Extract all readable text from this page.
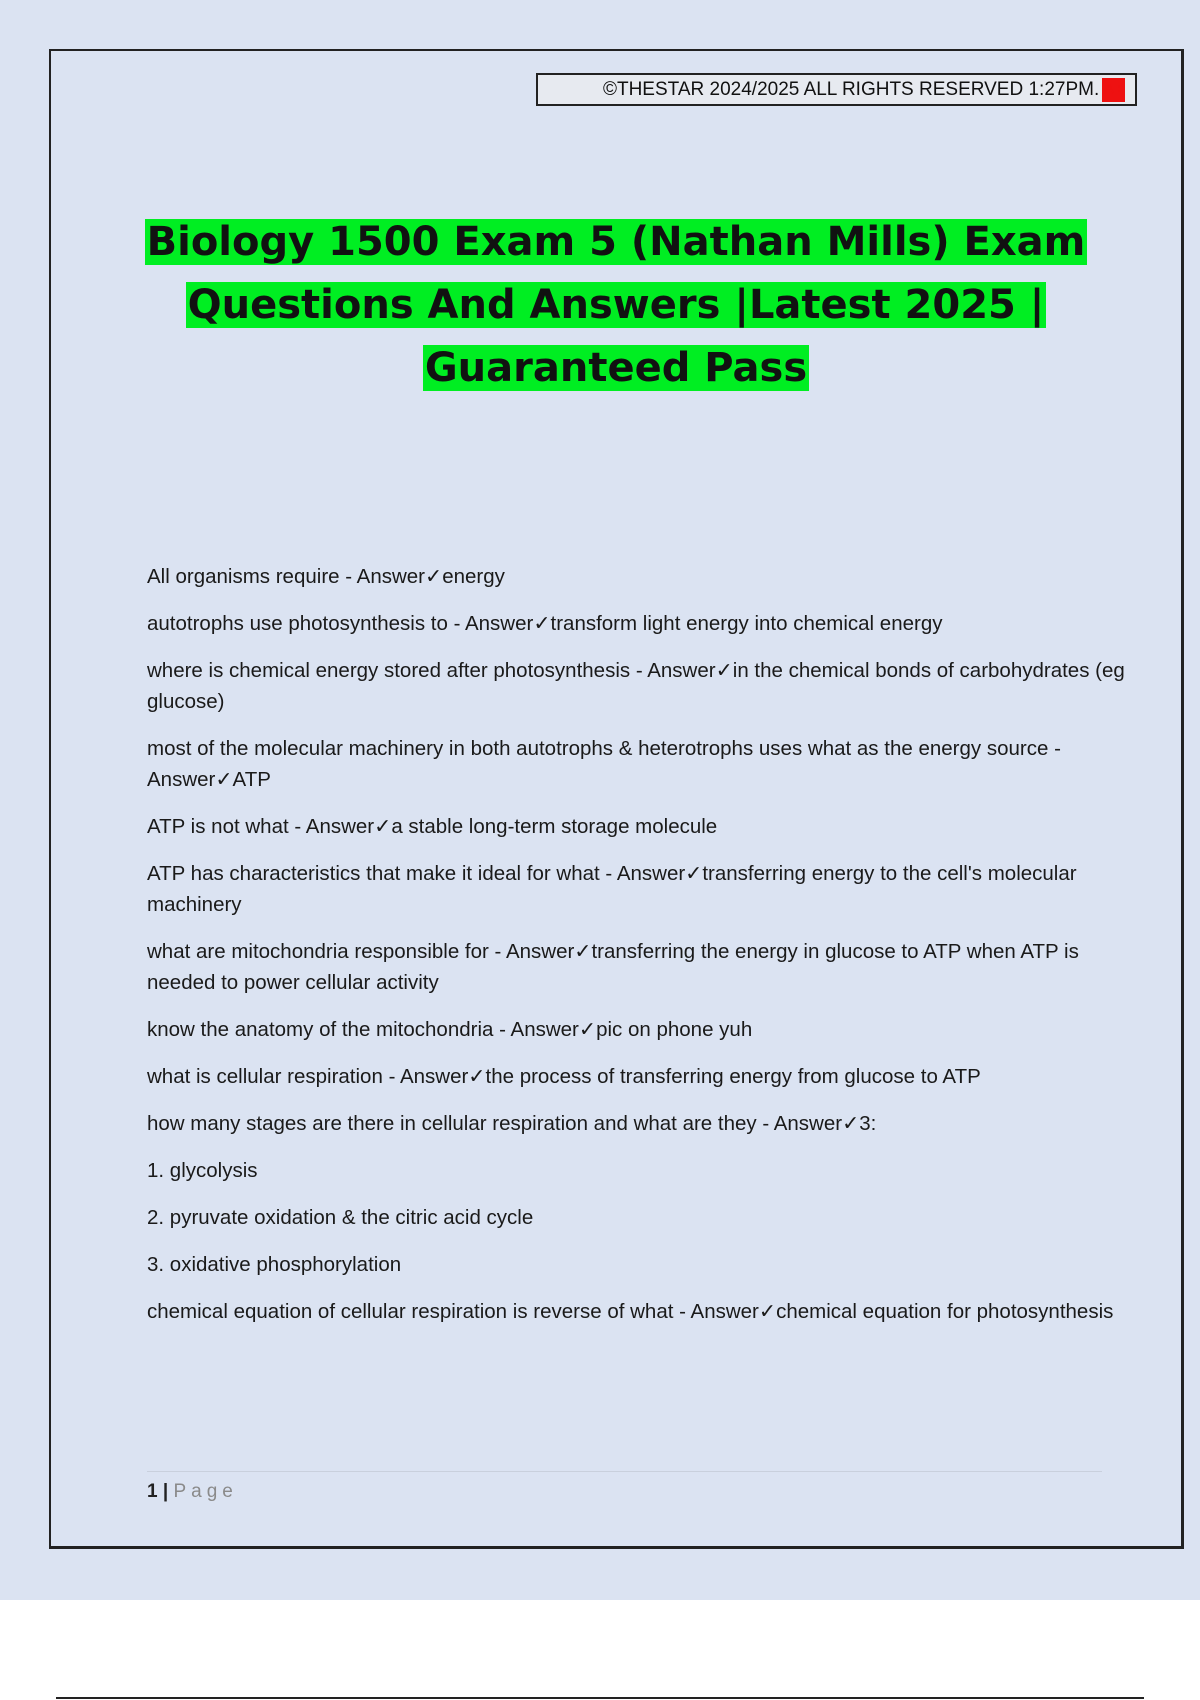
©THESTAR 2024/2025 ALL RIGHTS RESERVED 1:27PM. A+
Biology 1500 Exam 5 (Nathan Mills) Exam
Questions And Answers |Latest 2025 |
Guaranteed Pass
All organisms require - Answer✓energy
autotrophs use photosynthesis to - Answer✓transform light energy into chemical energy
where is chemical energy stored after photosynthesis - Answer✓in the chemical bonds of carbohydrates (eg glucose)
most of the molecular machinery in both autotrophs & heterotrophs uses what as the energy source - Answer✓ATP
ATP is not what - Answer✓a stable long-term storage molecule
ATP has characteristics that make it ideal for what - Answer✓transferring energy to the cell's molecular machinery
what are mitochondria responsible for - Answer✓transferring the energy in glucose to ATP when ATP is needed to power cellular activity
know the anatomy of the mitochondria - Answer✓pic on phone yuh
what is cellular respiration - Answer✓the process of transferring energy from glucose to ATP
how many stages are there in cellular respiration and what are they - Answer✓3:
1. glycolysis
2. pyruvate oxidation & the citric acid cycle
3. oxidative phosphorylation
chemical equation of cellular respiration is reverse of what - Answer✓chemical equation for photosynthesis
1 | Page
